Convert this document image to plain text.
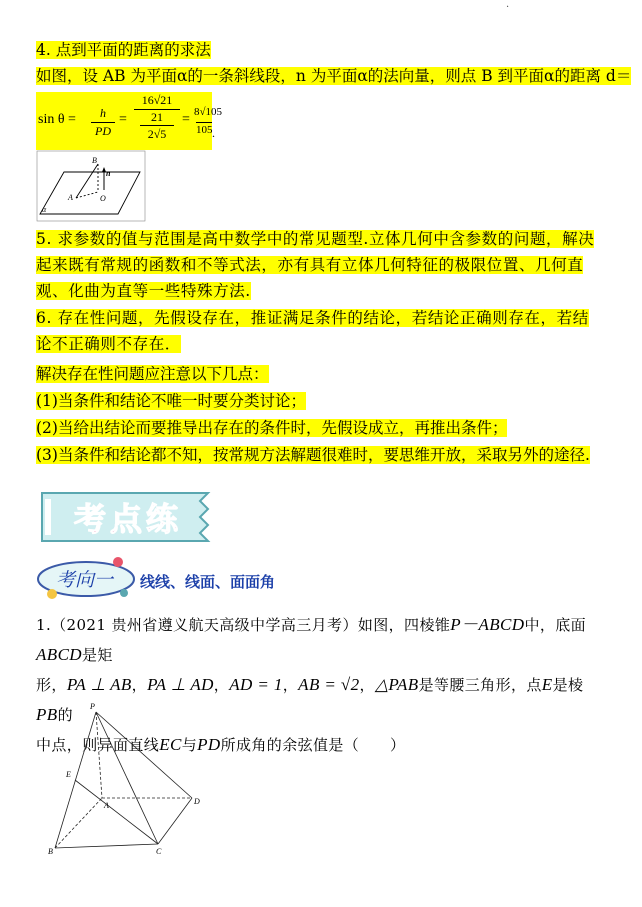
·
4. 点到平面的距离的求法
如图，设 AB 为平面α的一条斜线段，n 为平面α的法向量，则点 B 到平面α的距离 d＝
sin θ =	h
PD
=
16√21
21
2√5
= 8√105
105 .
B
n
A	O
α
5. 求参数的值与范围是高中数学中的常见题型.立体几何中含参数的问题，解决起来既有常规的函数和不等式法，亦有具有立体几何特征的极限位置、几何直观、化曲为直等一些特殊方法.
6. 存在性问题，先假设存在，推证满足条件的结论，若结论正确则存在，若结论不正确则不存在．
解决存在性问题应注意以下几点：
(1)当条件和结论不唯一时要分类讨论；
(2)当给出结论而要推导出存在的条件时，先假设成立，再推出条件；
(3)当条件和结论都不知，按常规方法解题很难时，要思维开放，采取另外的途径.
考点练
考向一 线线、线面、面面角
1.（2021 贵州省遵义航天高级中学高三月考）如图，四棱锥P－ABCD中，底面ABCD是矩
形，PA ⊥ AB，PA ⊥ AD，AD = 1，AB = √2，△PAB是等腰三角形，点E是棱PB的
中点，则异面直线EC与PD所成角的余弦值是（　　）
P
E
A	D
B	C
